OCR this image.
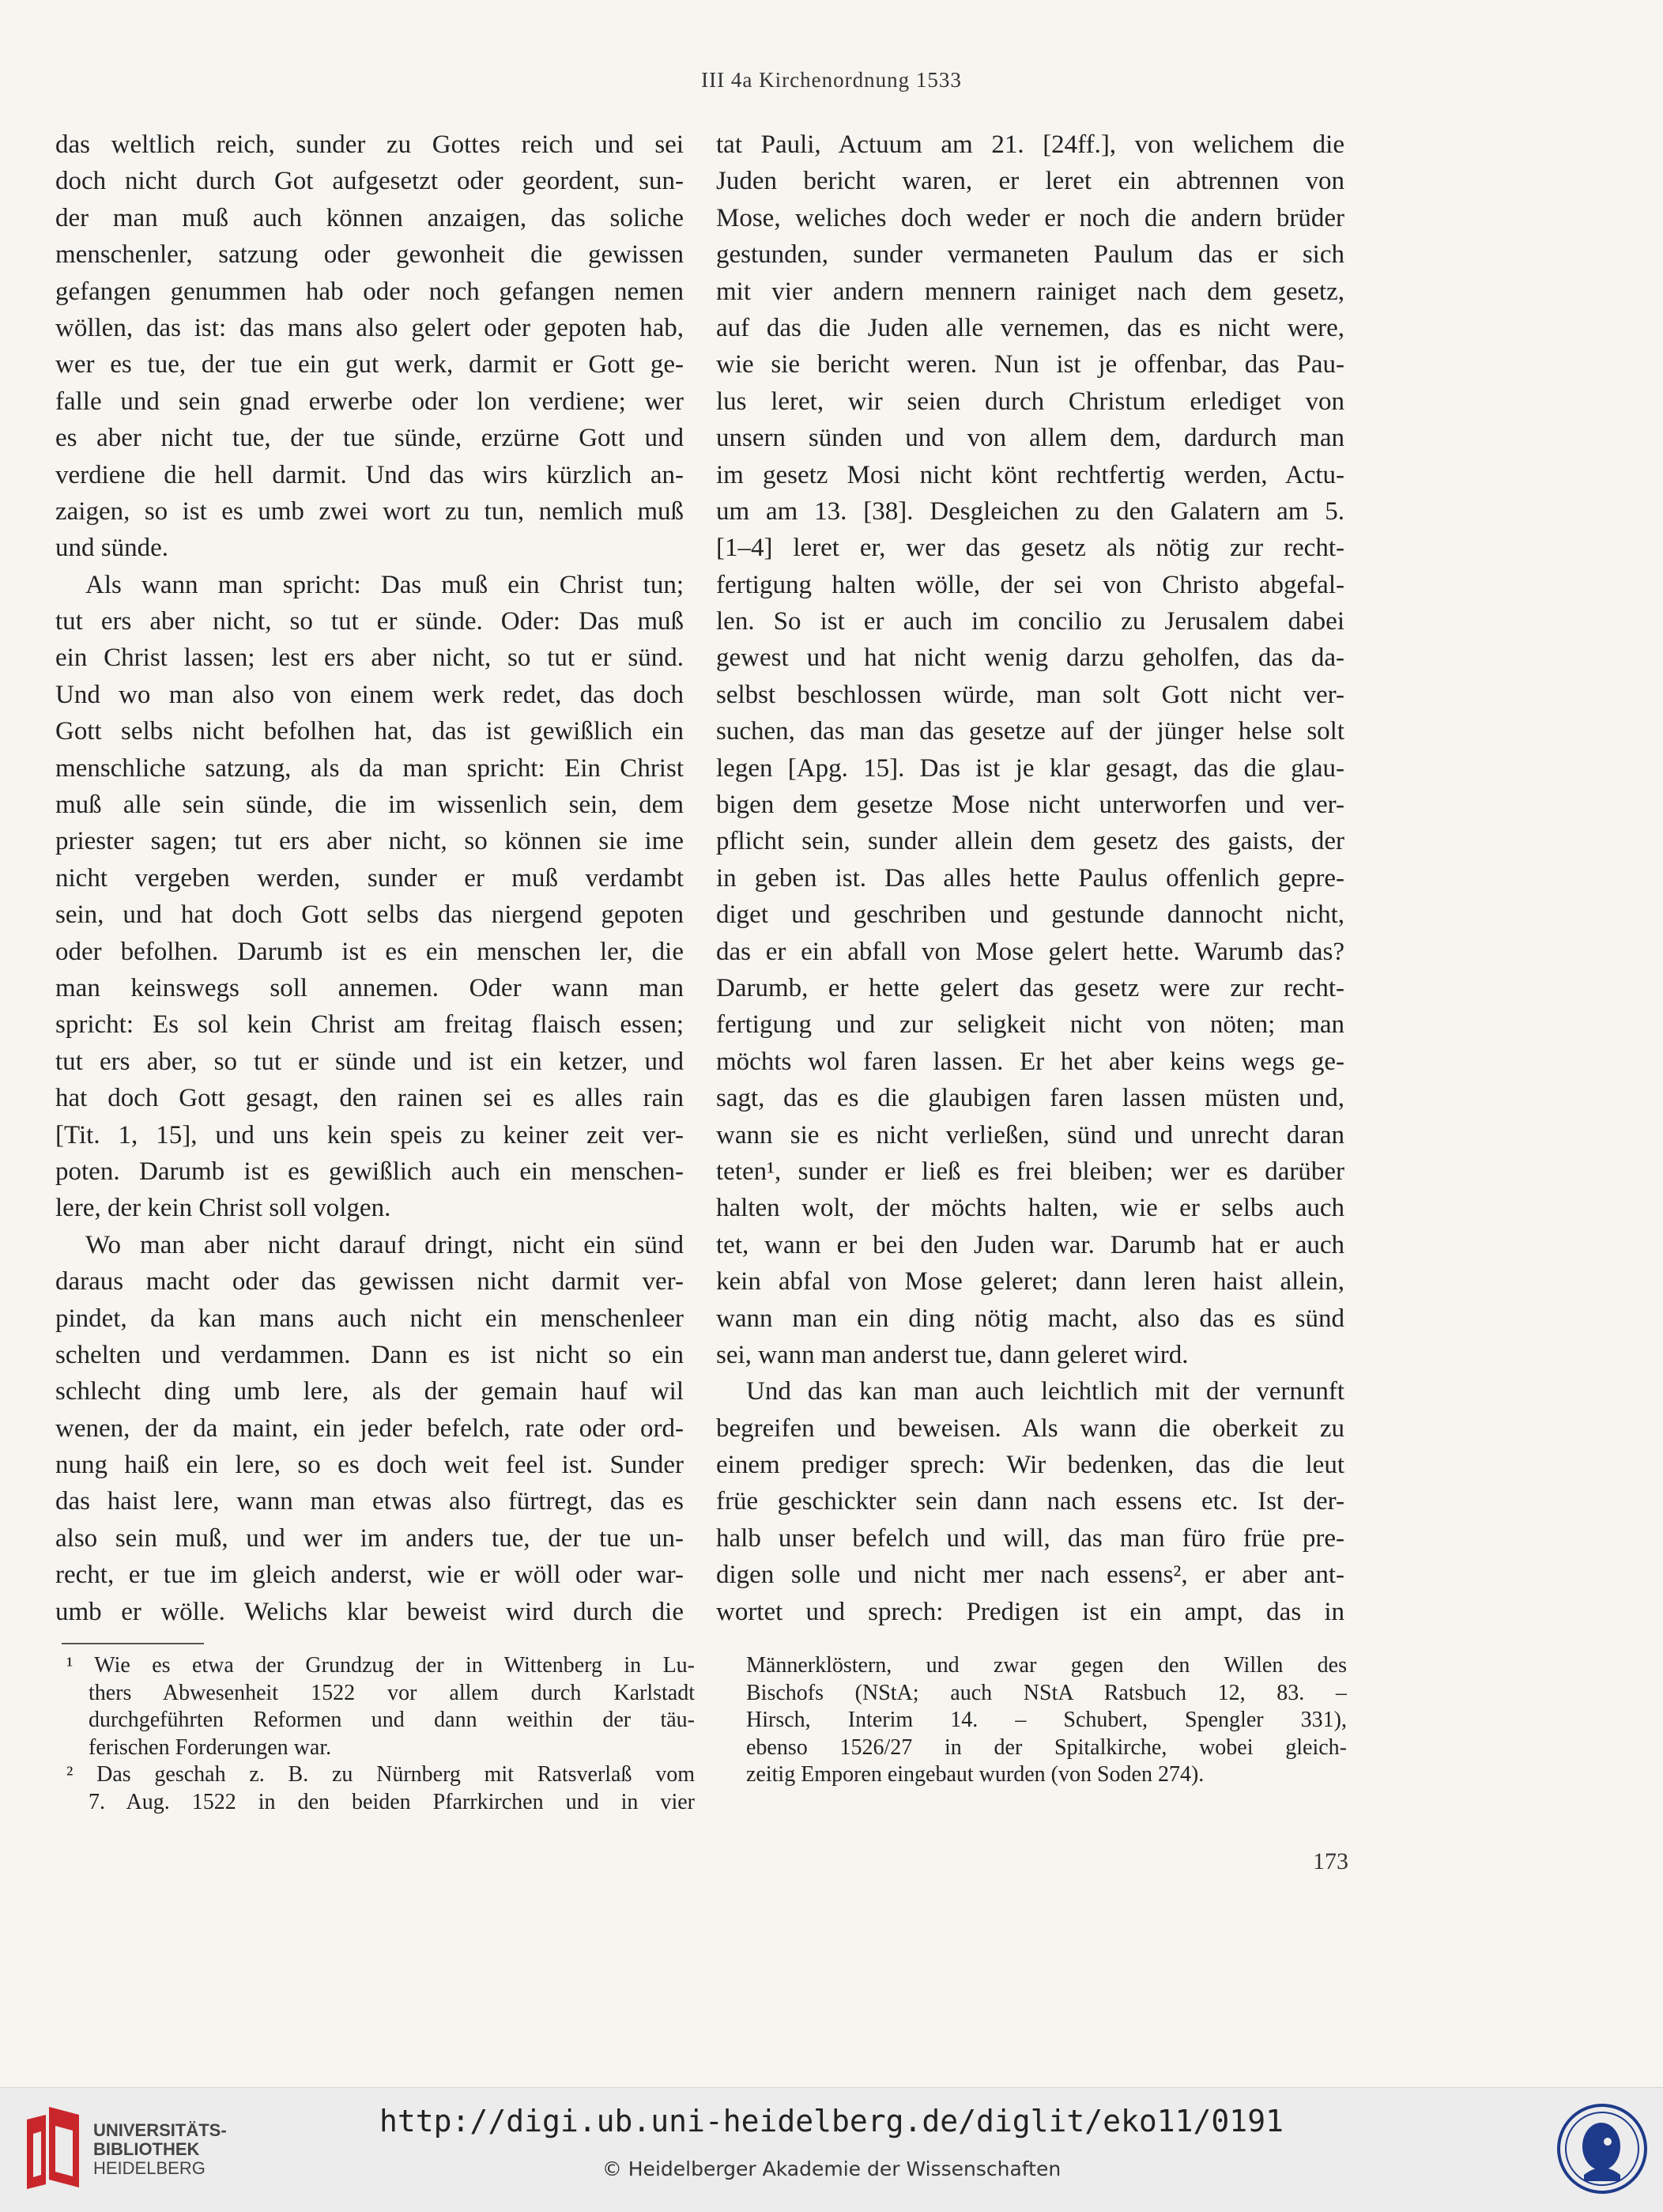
III 4a Kirchenordnung 1533
das weltlich reich, sunder zu Gottes reich und sei
doch nicht durch Got aufgesetzt oder geordent, sun-
der man muß auch können anzaigen, das soliche
menschenler, satzung oder gewonheit die gewissen
gefangen genummen hab oder noch gefangen nemen
wöllen, das ist: das mans also gelert oder gepoten hab,
wer es tue, der tue ein gut werk, darmit er Gott ge-
falle und sein gnad erwerbe oder lon verdiene; wer
es aber nicht tue, der tue sünde, erzürne Gott und
verdiene die hell darmit. Und das wirs kürzlich an-
zaigen, so ist es umb zwei wort zu tun, nemlich muß
und sünde.
Als wann man spricht: Das muß ein Christ tun;
tut ers aber nicht, so tut er sünde. Oder: Das muß
ein Christ lassen; lest ers aber nicht, so tut er sünd.
Und wo man also von einem werk redet, das doch
Gott selbs nicht befolhen hat, das ist gewißlich ein
menschliche satzung, als da man spricht: Ein Christ
muß alle sein sünde, die im wissenlich sein, dem
priester sagen; tut ers aber nicht, so können sie ime
nicht vergeben werden, sunder er muß verdambt
sein, und hat doch Gott selbs das niergend gepoten
oder befolhen. Darumb ist es ein menschen ler, die
man keinswegs soll annemen. Oder wann man
spricht: Es sol kein Christ am freitag flaisch essen;
tut ers aber, so tut er sünde und ist ein ketzer, und
hat doch Gott gesagt, den rainen sei es alles rain
[Tit. 1, 15], und uns kein speis zu keiner zeit ver-
poten. Darumb ist es gewißlich auch ein menschen-
lere, der kein Christ soll volgen.
Wo man aber nicht darauf dringt, nicht ein sünd
daraus macht oder das gewissen nicht darmit ver-
pindet, da kan mans auch nicht ein menschenleer
schelten und verdammen. Dann es ist nicht so ein
schlecht ding umb lere, als der gemain hauf wil
wenen, der da maint, ein jeder befelch, rate oder ord-
nung haiß ein lere, so es doch weit feel ist. Sunder
das haist lere, wann man etwas also fürtregt, das es
also sein muß, und wer im anders tue, der tue un-
recht, er tue im gleich anderst, wie er wöll oder war-
umb er wölle. Welichs klar beweist wird durch die
tat Pauli, Actuum am 21. [24ff.], von welichem die
Juden bericht waren, er leret ein abtrennen von
Mose, weliches doch weder er noch die andern brüder
gestunden, sunder vermaneten Paulum das er sich
mit vier andern mennern rainiget nach dem gesetz,
auf das die Juden alle vernemen, das es nicht were,
wie sie bericht weren. Nun ist je offenbar, das Pau-
lus leret, wir seien durch Christum erlediget von
unsern sünden und von allem dem, dardurch man
im gesetz Mosi nicht könt rechtfertig werden, Actu-
um am 13. [38]. Desgleichen zu den Galatern am 5.
[1–4] leret er, wer das gesetz als nötig zur recht-
fertigung halten wölle, der sei von Christo abgefal-
len. So ist er auch im concilio zu Jerusalem dabei
gewest und hat nicht wenig darzu geholfen, das da-
selbst beschlossen würde, man solt Gott nicht ver-
suchen, das man das gesetze auf der jünger helse solt
legen [Apg. 15]. Das ist je klar gesagt, das die glau-
bigen dem gesetze Mose nicht unterworfen und ver-
pflicht sein, sunder allein dem gesetz des gaists, der
in geben ist. Das alles hette Paulus offenlich gepre-
diget und geschriben und gestunde dannocht nicht,
das er ein abfall von Mose gelert hette. Warumb das?
Darumb, er hette gelert das gesetz were zur recht-
fertigung und zur seligkeit nicht von nöten; man
möchts wol faren lassen. Er het aber keins wegs ge-
sagt, das es die glaubigen faren lassen müsten und,
wann sie es nicht verließen, sünd und unrecht daran
teten¹, sunder er ließ es frei bleiben; wer es darüber
halten wolt, der möchts halten, wie er selbs auch
tet, wann er bei den Juden war. Darumb hat er auch
kein abfal von Mose geleret; dann leren haist allein,
wann man ein ding nötig macht, also das es sünd
sei, wann man anderst tue, dann geleret wird.
Und das kan man auch leichtlich mit der vernunft
begreifen und beweisen. Als wann die oberkeit zu
einem prediger sprech: Wir bedenken, das die leut
früe geschickter sein dann nach essens etc. Ist der-
halb unser befelch und will, das man füro früe pre-
digen solle und nicht mer nach essens², er aber ant-
wortet und sprech: Predigen ist ein ampt, das in
¹ Wie es etwa der Grundzug der in Wittenberg in Lu-
thers Abwesenheit 1522 vor allem durch Karlstadt
durchgeführten Reformen und dann weithin der täu-
ferischen Forderungen war.
² Das geschah z. B. zu Nürnberg mit Ratsverlaß vom
7. Aug. 1522 in den beiden Pfarrkirchen und in vier
Männerklöstern, und zwar gegen den Willen des
Bischofs (NStA; auch NStA Ratsbuch 12, 83. –
Hirsch, Interim 14. – Schubert, Spengler 331),
ebenso 1526/27 in der Spitalkirche, wobei gleich-
zeitig Emporen eingebaut wurden (von Soden 274).
173
UNIVERSITÄTS-
BIBLIOTHEK
HEIDELBERG
http://digi.ub.uni-heidelberg.de/diglit/eko11/0191
© Heidelberger Akademie der Wissenschaften
